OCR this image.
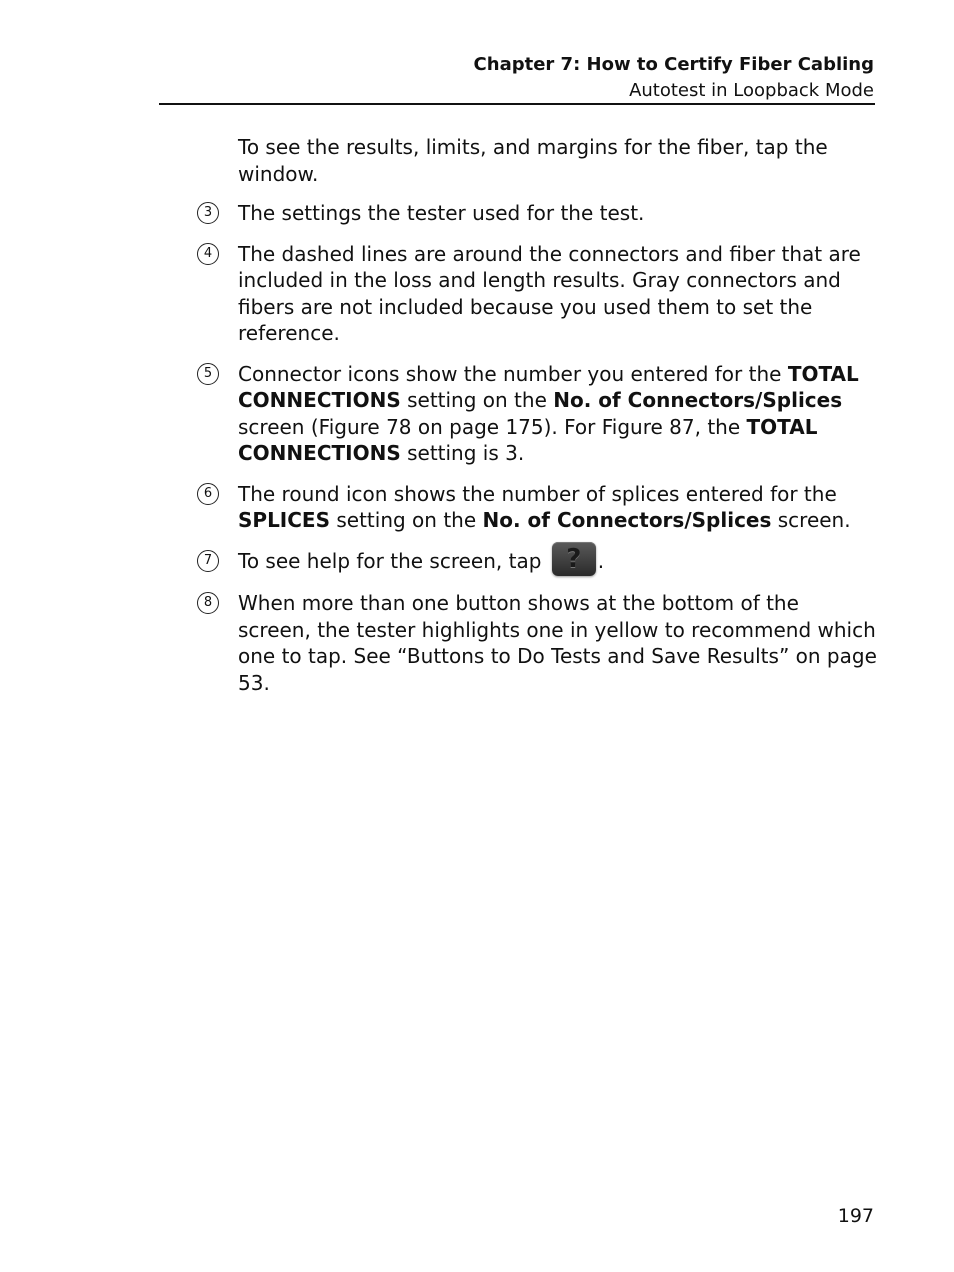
Chapter 7: How to Certify Fiber Cabling
Autotest in Loopback Mode

To see the results, limits, and margins for the fiber, tap the window.

3	The settings the tester used for the test.
4	The dashed lines are around the connectors and fiber that are included in the loss and length results. Gray connectors and fibers are not included because you used them to set the reference.
5	Connector icons show the number you entered for the TOTAL CONNECTIONS setting on the No. of Connectors/Splices screen (Figure 78 on page 175). For Figure 87, the TOTAL CONNECTIONS setting is 3.
6	The round icon shows the number of splices entered for the SPLICES setting on the No. of Connectors/Splices screen.
7	To see help for the screen, tap ? .
8	When more than one button shows at the bottom of the screen, the tester highlights one in yellow to recommend which one to tap. See “Buttons to Do Tests and Save Results” on page 53.
197
